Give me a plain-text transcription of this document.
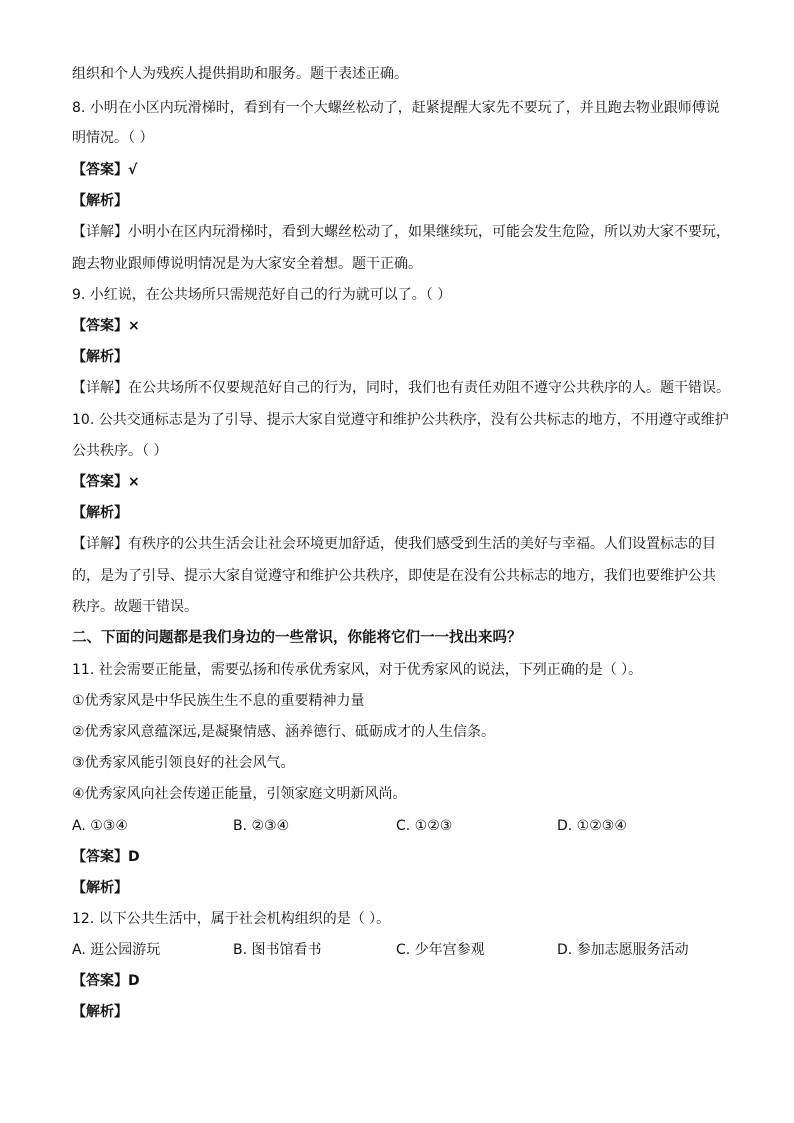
组织和个人为残疾人提供捐助和服务。题干表述正确。
8. 小明在小区内玩滑梯时，看到有一个大螺丝松动了，赶紧提醒大家先不要玩了，并且跑去物业跟师傅说
明情况。（ ）
【答案】√
【解析】
【详解】小明小在区内玩滑梯时，看到大螺丝松动了，如果继续玩，可能会发生危险，所以劝大家不要玩，
跑去物业跟师傅说明情况是为大家安全着想。题干正确。
9. 小红说，在公共场所只需规范好自己的行为就可以了。（ ）
【答案】×
【解析】
【详解】在公共场所不仅要规范好自己的行为，同时，我们也有责任劝阻不遵守公共秩序的人。题干错误。
10. 公共交通标志是为了引导、提示大家自觉遵守和维护公共秩序，没有公共标志的地方，不用遵守或维护
公共秩序。（ ）
【答案】×
【解析】
【详解】有秩序的公共生活会让社会环境更加舒适，使我们感受到生活的美好与幸福。人们设置标志的目
的，是为了引导、提示大家自觉遵守和维护公共秩序，即使是在没有公共标志的地方，我们也要维护公共
秩序。故题干错误。
二、下面的问题都是我们身边的一些常识，你能将它们一一找出来吗？
11. 社会需要正能量，需要弘扬和传承优秀家风，对于优秀家风的说法，下列正确的是（ ）。
①优秀家风是中华民族生生不息的重要精神力量
②优秀家风意蕴深远,是凝聚情感、涵养德行、砥砺成才的人生信条。
③优秀家风能引领良好的社会风气。
④优秀家风向社会传递正能量，引领家庭文明新风尚。
A. ①③④	B. ②③④	C. ①②③	D. ①②③④
【答案】D
【解析】
12. 以下公共生活中，属于社会机构组织的是（ ）。
A. 逛公园游玩	B. 图书馆看书	C. 少年宫参观	D. 参加志愿服务活动
【答案】D
【解析】
